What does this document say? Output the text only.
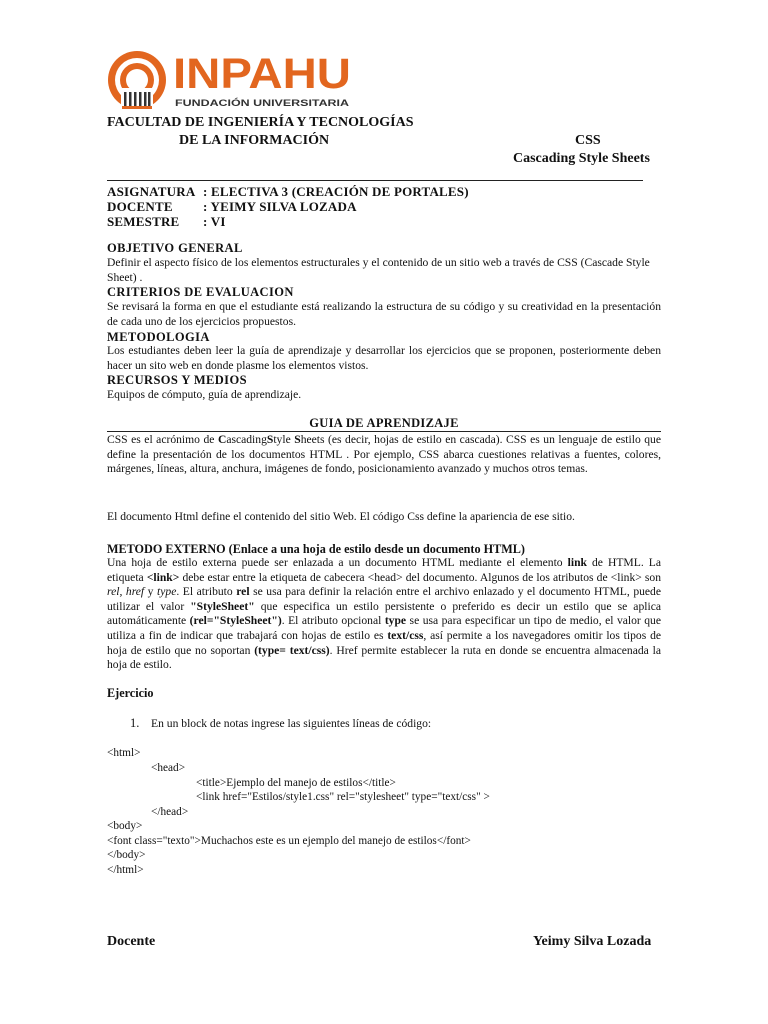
INPAHU
FUNDACIÓN UNIVERSITARIA
FACULTAD DE INGENIERÍA Y TECNOLOGÍAS
DE LA INFORMACIÓN	CSS
Cascading Style Sheets
ASIGNATURA : ELECTIVA 3 (CREACIÓN DE PORTALES)
DOCENTE : YEIMY SILVA LOZADA
SEMESTRE : VI
OBJETIVO GENERAL
Definir el aspecto físico de los elementos estructurales y el contenido de un sitio web a través de CSS (Cascade Style Sheet) .
CRITERIOS DE EVALUACION
Se revisará la forma en que el estudiante está realizando la estructura de su código y su creatividad en la presentación de cada uno de los ejercicios propuestos.
METODOLOGIA
Los estudiantes deben leer la guía de aprendizaje y desarrollar los ejercicios que se proponen, posteriormente deben hacer un sito web en donde plasme los elementos vistos.
RECURSOS Y MEDIOS
Equipos de cómputo, guía de aprendizaje.
GUIA DE APRENDIZAJE
CSS es el acrónimo de CascadingStyle Sheets (es decir, hojas de estilo en cascada). CSS es un lenguaje de estilo que define la presentación de los documentos HTML . Por ejemplo, CSS abarca cuestiones relativas a fuentes, colores, márgenes, líneas, altura, anchura, imágenes de fondo, posicionamiento avanzado y muchos otros temas.
El documento Html define el contenido del sitio Web. El código Css define la apariencia de ese sitio.
METODO EXTERNO (Enlace a una hoja de estilo desde un documento HTML)
Una hoja de estilo externa puede ser enlazada a un documento HTML mediante el elemento link de HTML. La etiqueta <link> debe estar entre la etiqueta de cabecera <head> del documento. Algunos de los atributos de <link> son rel, href y type. El atributo rel se usa para definir la relación entre el archivo enlazado y el documento HTML, puede utilizar el valor "StyleSheet" que especifica un estilo persistente o preferido es decir un estilo que se aplica automáticamente (rel="StyleSheet"). El atributo opcional type se usa para especificar un tipo de medio, el valor que utiliza a fin de indicar que trabajará con hojas de estilo es text/css, así permite a los navegadores omitir los tipos de hoja de estilo que no soportan (type= text/css). Href permite establecer la ruta en donde se encuentra almacenada la hoja de estilo.
Ejercicio
1. En un block de notas ingrese las siguientes líneas de código:
<html>
<head>
<title>Ejemplo del manejo de estilos</title>
<link href="Estilos/style1.css" rel="stylesheet" type="text/css" >
</head>
<body>
<font class="texto">Muchachos este es un ejemplo del manejo de estilos</font>
</body>
</html>
Docente	Yeimy Silva Lozada
